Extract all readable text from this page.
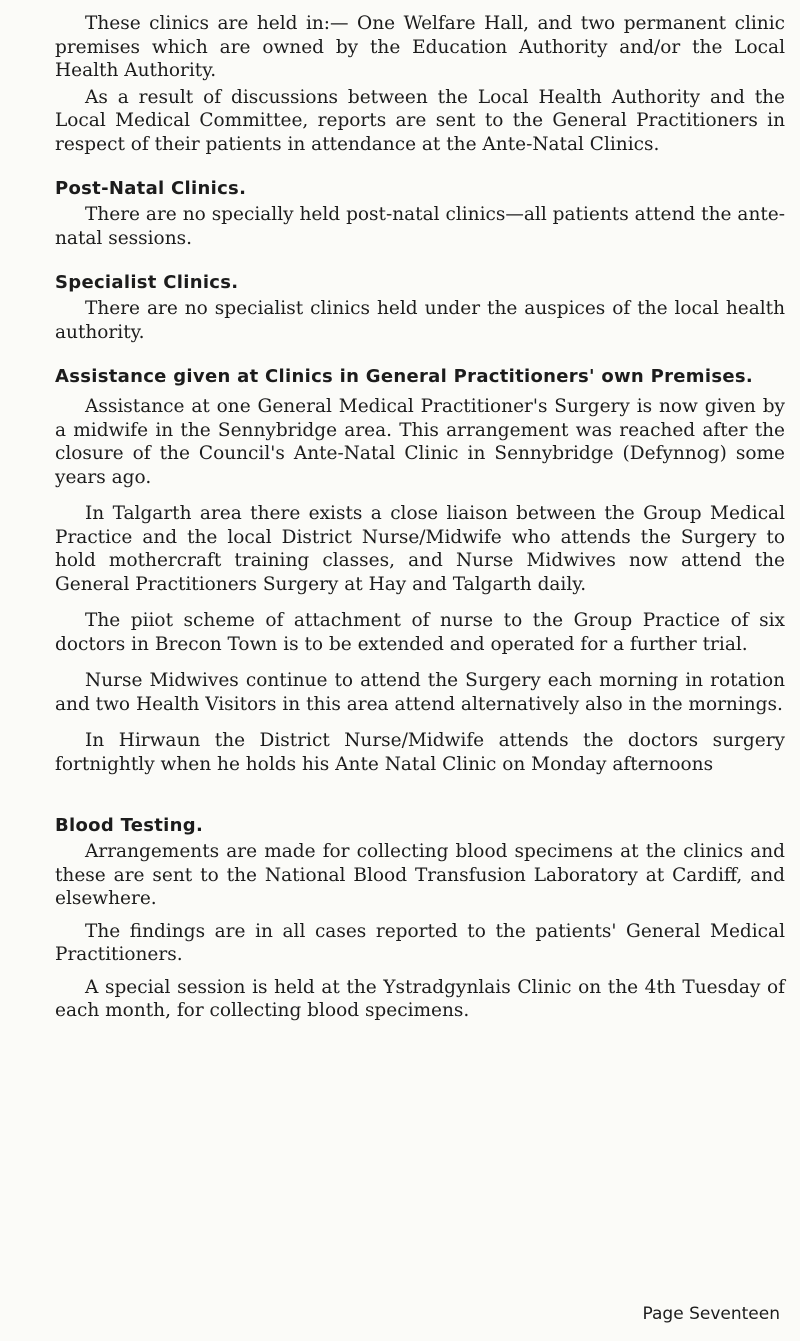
These clinics are held in:— One Welfare Hall, and two permanent clinic premises which are owned by the Education Authority and/or the Local Health Authority.

As a result of discussions between the Local Health Authority and the Local Medical Committee, reports are sent to the General Practitioners in respect of their patients in attendance at the Ante-Natal Clinics.

Post-Natal Clinics.

There are no specially held post-natal clinics—all patients attend the ante-natal sessions.

Specialist Clinics.

There are no specialist clinics held under the auspices of the local health authority.

Assistance given at Clinics in General Practitioners' own Premises.

Assistance at one General Medical Practitioner's Surgery is now given by a midwife in the Sennybridge area. This arrangement was reached after the closure of the Council's Ante-Natal Clinic in Sennybridge (Defynnog) some years ago.

In Talgarth area there exists a close liaison between the Group Medical Practice and the local District Nurse/Midwife who attends the Surgery to hold mothercraft training classes, and Nurse Midwives now attend the General Practitioners Surgery at Hay and Talgarth daily.

The piiot scheme of attachment of nurse to the Group Practice of six doctors in Brecon Town is to be extended and operated for a further trial.

Nurse Midwives continue to attend the Surgery each morning in rotation and two Health Visitors in this area attend alternatively also in the mornings.

In Hirwaun the District Nurse/Midwife attends the doctors surgery fortnightly when he holds his Ante Natal Clinic on Monday afternoons

Blood Testing.

Arrangements are made for collecting blood specimens at the clinics and these are sent to the National Blood Transfusion Laboratory at Cardiff, and elsewhere.

The findings are in all cases reported to the patients' General Medical Practitioners.

A special session is held at the Ystradgynlais Clinic on the 4th Tuesday of each month, for collecting blood specimens.

Page Seventeen
